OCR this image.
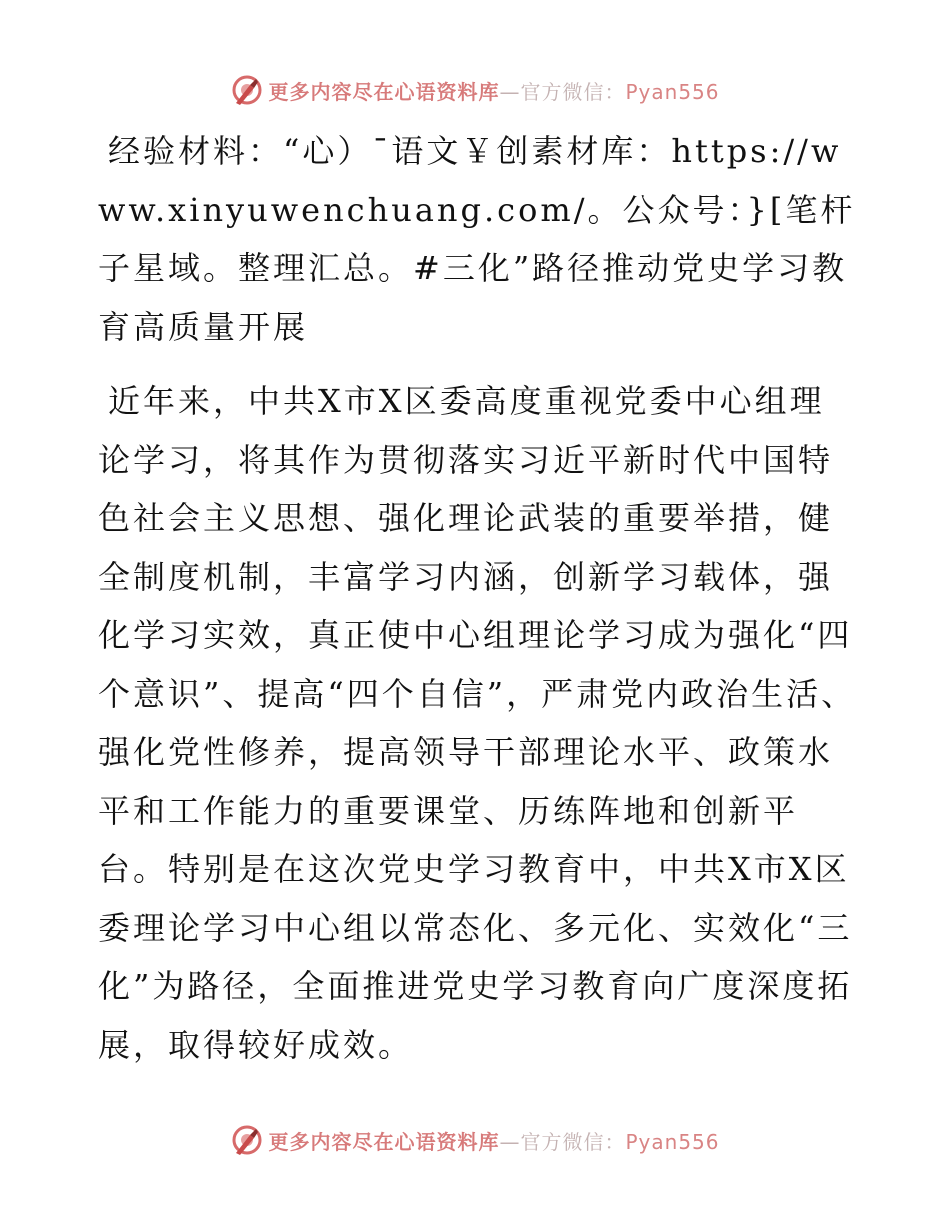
更多内容尽在心语资料库—官方微信：Pyan556

经验材料：“心）¯语文￥创素材库：https://www.xinyuwenchuang.com/。公众号：}[笔杆子星域。整理汇总。#三化”路径推动党史学习教育高质量开展

近年来，中共X市X区委高度重视党委中心组理论学习，将其作为贯彻落实习近平新时代中国特色社会主义思想、强化理论武装的重要举措，健全制度机制，丰富学习内涵，创新学习载体，强化学习实效，真正使中心组理论学习成为强化“四个意识”、提高“四个自信”，严肃党内政治生活、强化党性修养，提高领导干部理论水平、政策水平和工作能力的重要课堂、历练阵地和创新平台。特别是在这次党史学习教育中，中共X市X区委理论学习中心组以常态化、多元化、实效化“三化”为路径，全面推进党史学习教育向广度深度拓展，取得较好成效。

更多内容尽在心语资料库—官方微信：Pyan556
